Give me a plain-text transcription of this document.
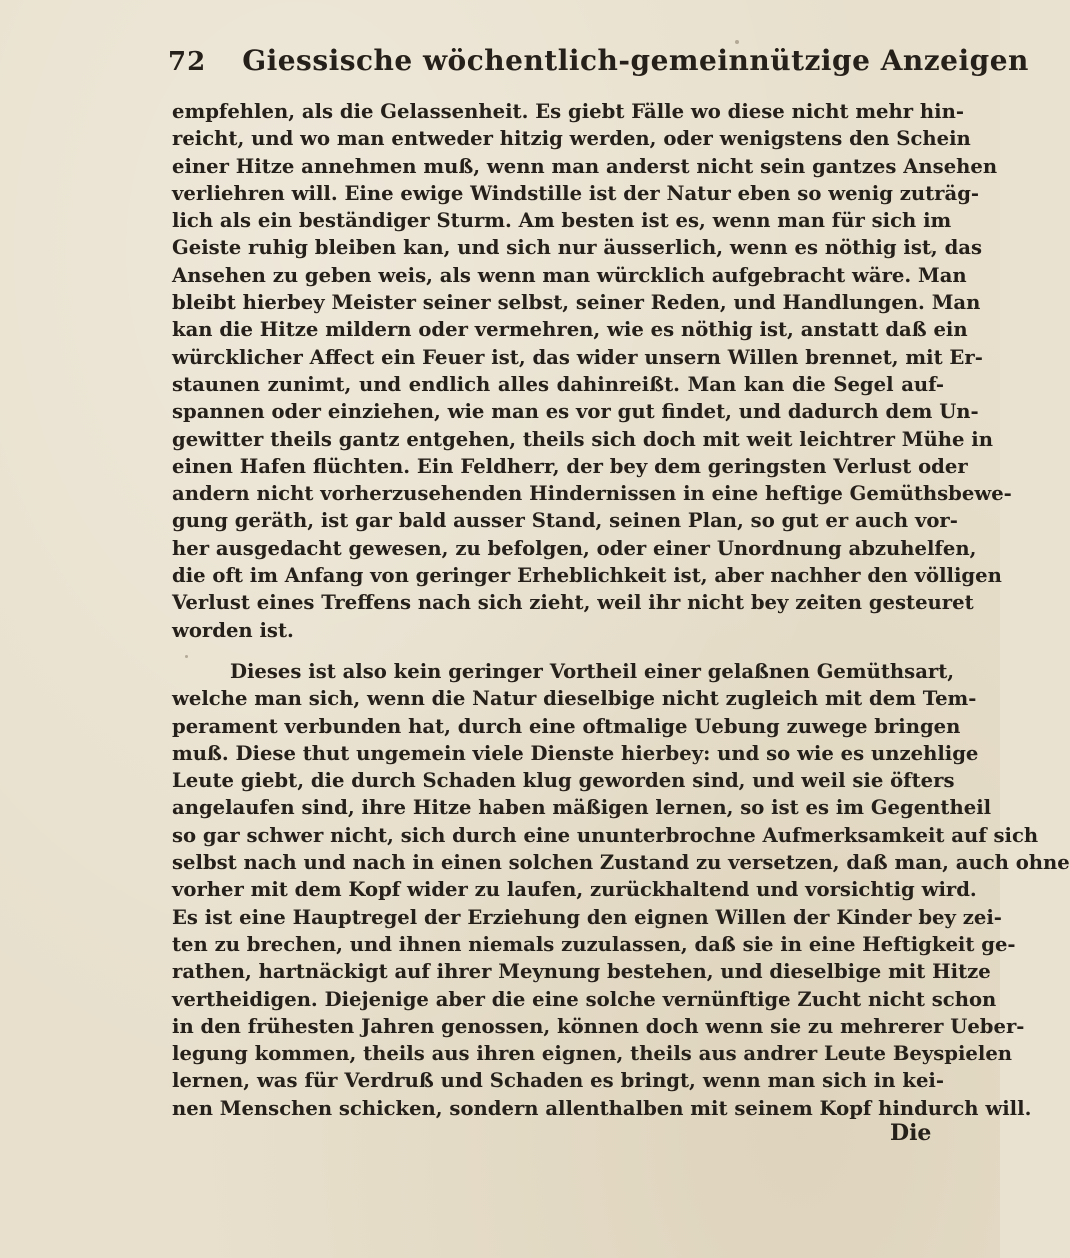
72 Giessische wöchentlich-gemeinnützige Anzeigen
empfehlen, als die Gelassenheit. Es giebt Fälle wo diese nicht mehr hin-
reicht, und wo man entweder hitzig werden, oder wenigstens den Schein
einer Hitze annehmen muß, wenn man anderst nicht sein gantzes Ansehen
verliehren will. Eine ewige Windstille ist der Natur eben so wenig zuträg-
lich als ein beständiger Sturm. Am besten ist es, wenn man für sich im
Geiste ruhig bleiben kan, und sich nur äusserlich, wenn es nöthig ist, das
Ansehen zu geben weis, als wenn man würcklich aufgebracht wäre. Man
bleibt hierbey Meister seiner selbst, seiner Reden, und Handlungen. Man
kan die Hitze mildern oder vermehren, wie es nöthig ist, anstatt daß ein
würcklicher Affect ein Feuer ist, das wider unsern Willen brennet, mit Er-
staunen zunimt, und endlich alles dahinreißt. Man kan die Segel auf-
spannen oder einziehen, wie man es vor gut findet, und dadurch dem Un-
gewitter theils gantz entgehen, theils sich doch mit weit leichtrer Mühe in
einen Hafen flüchten. Ein Feldherr, der bey dem geringsten Verlust oder
andern nicht vorherzusehenden Hindernissen in eine heftige Gemüthsbewe-
gung geräth, ist gar bald ausser Stand, seinen Plan, so gut er auch vor-
her ausgedacht gewesen, zu befolgen, oder einer Unordnung abzuhelfen,
die oft im Anfang von geringer Erheblichkeit ist, aber nachher den völligen
Verlust eines Treffens nach sich zieht, weil ihr nicht bey zeiten gesteuret
worden ist.
Dieses ist also kein geringer Vortheil einer gelaßnen Gemüthsart,
welche man sich, wenn die Natur dieselbige nicht zugleich mit dem Tem-
perament verbunden hat, durch eine oftmalige Uebung zuwege bringen
muß. Diese thut ungemein viele Dienste hierbey: und so wie es unzehlige
Leute giebt, die durch Schaden klug geworden sind, und weil sie öfters
angelaufen sind, ihre Hitze haben mäßigen lernen, so ist es im Gegentheil
so gar schwer nicht, sich durch eine ununterbrochne Aufmerksamkeit auf sich
selbst nach und nach in einen solchen Zustand zu versetzen, daß man, auch ohne
vorher mit dem Kopf wider zu laufen, zurückhaltend und vorsichtig wird.
Es ist eine Hauptregel der Erziehung den eignen Willen der Kinder bey zei-
ten zu brechen, und ihnen niemals zuzulassen, daß sie in eine Heftigkeit ge-
rathen, hartnäckigt auf ihrer Meynung bestehen, und dieselbige mit Hitze
vertheidigen. Diejenige aber die eine solche vernünftige Zucht nicht schon
in den frühesten Jahren genossen, können doch wenn sie zu mehrerer Ueber-
legung kommen, theils aus ihren eignen, theils aus andrer Leute Beyspielen
lernen, was für Verdruß und Schaden es bringt, wenn man sich in kei-
nen Menschen schicken, sondern allenthalben mit seinem Kopf hindurch will.
Die
